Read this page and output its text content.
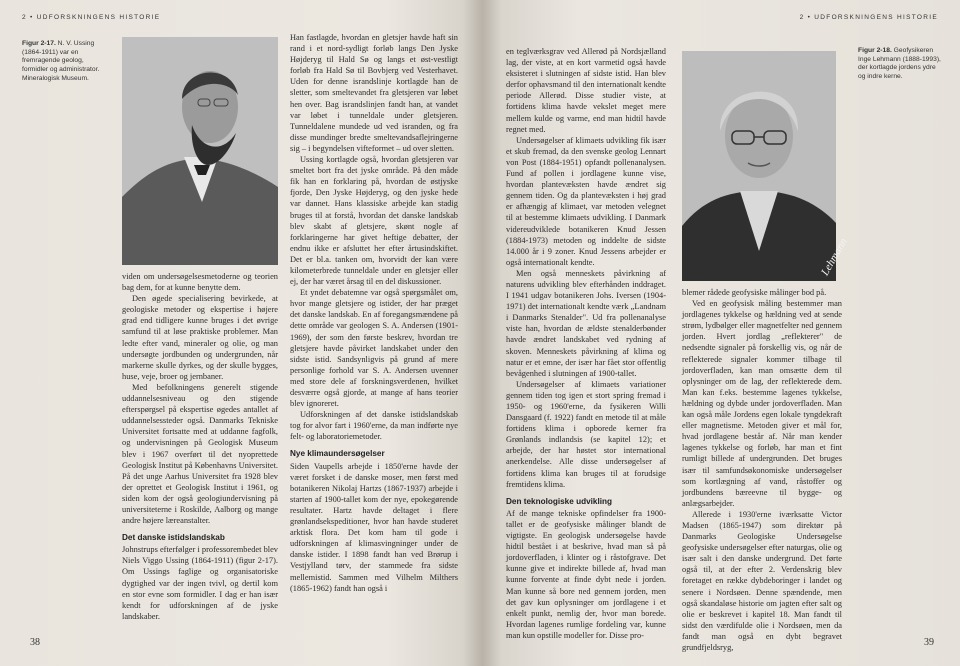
2 • UDFORSKNINGENS HISTORIE
Figur 2-17. N. V. Ussing (1864-1911) var en fremragende geolog, formidler og administrator. Mineralogisk Museum.

viden om undersøgelsesmetoderne og teorien bag dem, for at kunne benytte dem.

Den øgede specialisering bevirkede, at geologiske metoder og ekspertise i højere grad end tidligere kunne bruges i det øvrige samfund til at løse praktiske problemer. Man ledte efter vand, mineraler og olie, og man undersøgte jordbunden og undergrunden, når markerne skulle dyrkes, og der skulle bygges, huse, veje, broer og jernbaner.

Med befolkningens generelt stigende uddannelsesniveau og den stigende efterspørgsel på ekspertise øgedes antallet af uddannelsessteder også. Danmarks Tekniske Universitet fortsatte med at uddanne fagfolk, og undervisningen på Geologisk Museum blev i 1967 overført til det nyoprettede Geologisk Institut på Københavns Universitet. På det unge Aarhus Universitet fra 1928 blev der oprettet et Geologisk Institut i 1961, og siden kom der også geologiundervisning på universiteterne i Roskilde, Aalborg og mange andre højere læreanstalter.

Det danske istidslandskab

Johnstrups efterfølger i professorembedet blev Niels Viggo Ussing (1864-1911) (figur 2-17). Om Ussings faglige og organisatoriske dygtighed var der ingen tvivl, og dertil kom en stor evne som formidler. I dag er han især kendt for udforskningen af de jyske landskaber.

Han fastlagde, hvordan en gletsjer havde haft sin rand i et nord-sydligt forløb langs Den Jyske Højderyg til Hald Sø og langs et øst-vestligt forløb fra Hald Sø til Bovbjerg ved Vesterhavet. Uden for denne israndslinje kortlagde han de sletter, som smeltevandet fra gletsjeren var løbet hen over. Bag israndslinjen fandt han, at vandet var løbet i tunneldale under gletsjeren. Tunneldalene mundede ud ved isranden, og fra disse mundinger bredte smeltevandsaflejringerne sig – i begyndelsen vifteformet – ud over sletten.

Ussing kortlagde også, hvordan gletsjeren var smeltet bort fra det jyske område. På den måde fik han en forklaring på, hvordan de østjyske fjorde, Den Jyske Højderyg, og den jyske hede var dannet. Hans klassiske arbejde kan stadig bruges til at forstå, hvordan det danske landskab blev skabt af gletsjere, skønt nogle af forklaringerne har givet heftige debatter, der endnu ikke er afsluttet her efter årtusindskiftet. Det er bl.a. tanken om, hvorvidt der kan være kilometerbrede tunneldale under en gletsjer eller ej, der har været årsag til en del diskussioner.

Et yndet debatemne var også spørgsmålet om, hvor mange gletsjere og istider, der har præget det danske landskab. En af foregangsmændene på dette område var geologen S. A. Andersen (1901-1969), der som den første beskrev, hvordan tre gletsjere havde påvirket landskabet under den sidste istid. Sandsynligvis på grund af mere personlige forhold var S. A. Andersen uvenner med store dele af forskningsverdenen, hvilket desværre også gjorde, at mange af hans teorier blev ignoreret.

Udforskningen af det danske istidslandskab tog for alvor fart i 1960'erne, da man indførte nye felt- og laboratoriemetoder.

Nye klimaundersøgelser

Siden Vaupells arbejde i 1850'erne havde der været forsket i de danske moser, men først med botanikeren Nikolaj Hartzs (1867-1937) arbejde i starten af 1900-tallet kom der nye, epokegørende resultater. Hartz havde deltaget i flere grønlandsekspeditioner, hvor han havde studeret arktisk flora. Det kom ham til gode i udforskningen af klimasvingninger under de danske istider. I 1898 fandt han ved Brørup i Vestjylland tørv, der stammede fra sidste mellemistid. Sammen med Vilhelm Milthers (1865-1962) fandt han også i

38
2 • UDFORSKNINGENS HISTORIE

en teglværksgrav ved Allerød på Nordsjælland lag, der viste, at en kort varmetid også havde eksisteret i slutningen af sidste istid. Han blev derfor ophavsmand til den internationalt kendte periode Allerød. Disse studier viste, at fortidens klima havde vekslet meget mere mellem kulde og varme, end man hidtil havde regnet med.

Undersøgelser af klimaets udvikling fik især et skub fremad, da den svenske geolog Lennart von Post (1884-1951) opfandt pollenanalysen. Fund af pollen i jordlagene kunne vise, hvordan plantevæksten havde ændret sig gennem tiden. Og da plantevæksten i høj grad er afhængig af klimaet, var metoden velegnet til at bestemme klimaets udvikling. I Danmark videreudviklede botanikeren Knud Jessen (1884-1973) metoden og inddelte de sidste 14.000 år i 9 zoner. Knud Jessens arbejder er også internationalt kendte.

Men også menneskets påvirkning af naturens udvikling blev efterhånden inddraget. I 1941 udgav botanikeren Johs. Iversen (1904-1971) det internationalt kendte værk „Landnam i Danmarks Stenalder". Ud fra pollenanalyse viste han, hvordan de ældste stenalderbønder havde ændret landskabet ved rydning af skoven. Menneskets påvirkning af klima og natur er et emne, der især har fået stor offentlig bevågenhed i slutningen af 1900-tallet.

Undersøgelser af klimaets variationer gennem tiden tog igen et stort spring fremad i 1950- og 1960'erne, da fysikeren Willi Dansgaard (f. 1922) fandt en metode til at måle fortidens klima i opborede kerner fra Grønlands indlandsis (se kapitel 12); et arbejde, der har høstet stor international anerkendelse. Alle disse undersøgelser af fortidens klima kan bruges til at forudsige fremtidens klima.

Den teknologiske udvikling

Af de mange tekniske opfindelser fra 1900-tallet er de geofysiske målinger blandt de vigtigste. En geologisk undersøgelse havde hidtil bestået i at beskrive, hvad man så på jordoverfladen, i klinter og i råstofgrave. Det kunne give et indirekte billede af, hvad man kunne forvente at finde dybt nede i jorden. Man kunne så bore ned gennem jorden, men det gav kun oplysninger om jordlagene i et enkelt punkt, nemlig der, hvor man borede. Hvordan lagenes rumlige fordeling var, kunne man kun opstille modeller for. Disse pro-

Lehmann
Figur 2-18. Geofysikeren Inge Lehmann (1888-1993), der kortlagde jordens ydre og indre kerne.

blemer rådede geofysiske målinger bod på.

Ved en geofysisk måling bestemmer man jordlagenes tykkelse og hældning ved at sende strøm, lydbølger eller magnetfelter ned gennem jorden. Hvert jordlag „reflekterer" de nedsendte signaler på forskellig vis, og når de reflekterede signaler kommer tilbage til jordoverfladen, kan man omsætte dem til oplysninger om de lag, der reflekterede dem. Man kan f.eks. bestemme lagenes tykkelse, hældning og dybde under jordoverfladen. Man kan også måle Jordens egen lokale tyngdekraft eller magnetisme. Metoden giver et mål for, hvad jordlagene består af. Når man kender lagenes tykkelse og forløb, har man et fint rumligt billede af undergrunden. Det bruges især til samfundsøkonomiske undersøgelser som kortlægning af vand, råstoffer og jordbundens bæreevne til bygge- og anlægsarbejder.

Allerede i 1930'erne iværksatte Victor Madsen (1865-1947) som direktør på Danmarks Geologiske Undersøgelse geofysiske undersøgelser efter naturgas, olie og især salt i den danske undergrund. Det førte også til, at der efter 2. Verdenskrig blev foretaget en række dybdeboringer i landet og senere i Nordsøen. Denne spændende, men også skandaløse historie om jagten efter salt og olie er beskrevet i kapitel 18. Man fandt til sidst den værdifulde olie i Nordsøen, men da fandt man også en dybt begravet grundfjeldsryg,	39
